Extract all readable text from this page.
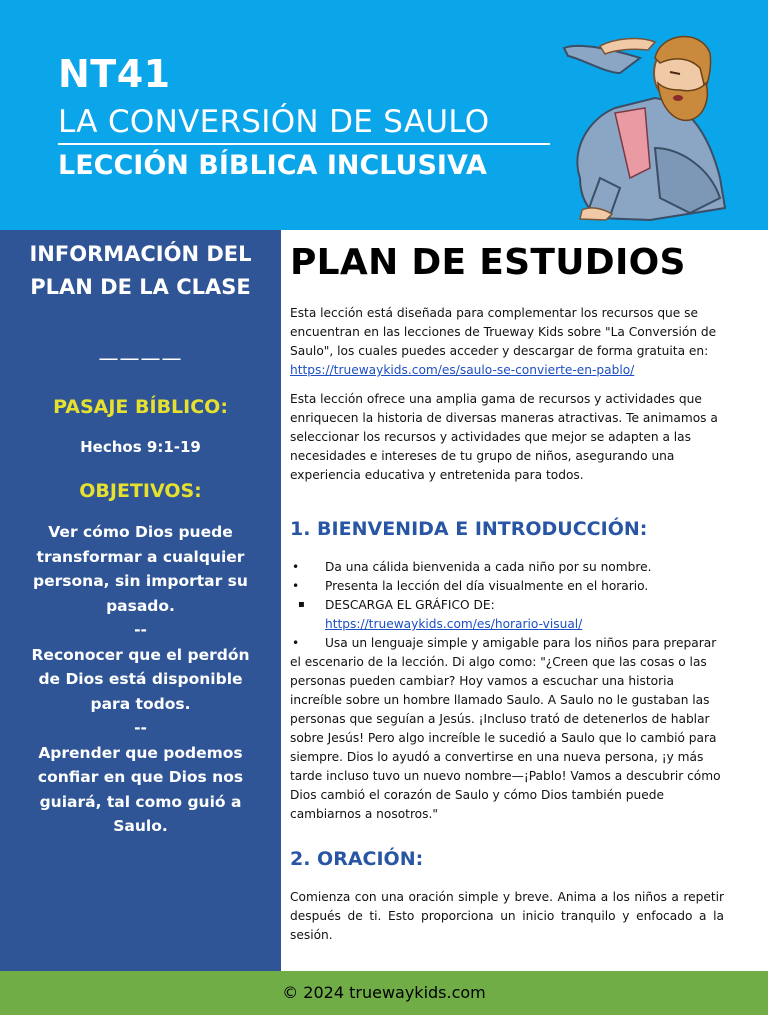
NT41
LA CONVERSIÓN DE SAULO
LECCIÓN BÍBLICA INCLUSIVA
INFORMACIÓN DEL PLAN DE LA CLASE
————
PASAJE BÍBLICO:
Hechos 9:1-19
OBJETIVOS:
Ver cómo Dios puede transformar a cualquier persona, sin importar su pasado.
--
Reconocer que el perdón de Dios está disponible para todos.
--
Aprender que podemos confiar en que Dios nos guiará, tal como guió a Saulo.
PLAN DE ESTUDIOS
Esta lección está diseñada para complementar los recursos que se encuentran en las lecciones de Trueway Kids sobre "La Conversión de Saulo", los cuales puedes acceder y descargar de forma gratuita en: https://truewaykids.com/es/saulo-se-convierte-en-pablo/
Esta lección ofrece una amplia gama de recursos y actividades que enriquecen la historia de diversas maneras atractivas. Te animamos a seleccionar los recursos y actividades que mejor se adapten a las necesidades e intereses de tu grupo de niños, asegurando una experiencia educativa y entretenida para todos.
1. BIENVENIDA E INTRODUCCIÓN:
• Da una cálida bienvenida a cada niño por su nombre.
• Presenta la lección del día visualmente en el horario.
▪ DESCARGA EL GRÁFICO DE:
https://truewaykids.com/es/horario-visual/
• Usa un lenguaje simple y amigable para los niños para preparar el escenario de la lección. Di algo como: "¿Creen que las cosas o las personas pueden cambiar? Hoy vamos a escuchar una historia increíble sobre un hombre llamado Saulo. A Saulo no le gustaban las personas que seguían a Jesús. ¡Incluso trató de detenerlos de hablar sobre Jesús! Pero algo increíble le sucedió a Saulo que lo cambió para siempre. Dios lo ayudó a convertirse en una nueva persona, ¡y más tarde incluso tuvo un nuevo nombre—¡Pablo! Vamos a descubrir cómo Dios cambió el corazón de Saulo y cómo Dios también puede cambiarnos a nosotros."
2. ORACIÓN:
Comienza con una oración simple y breve. Anima a los niños a repetir después de ti. Esto proporciona un inicio tranquilo y enfocado a la sesión.
© 2024 truewaykids.com
